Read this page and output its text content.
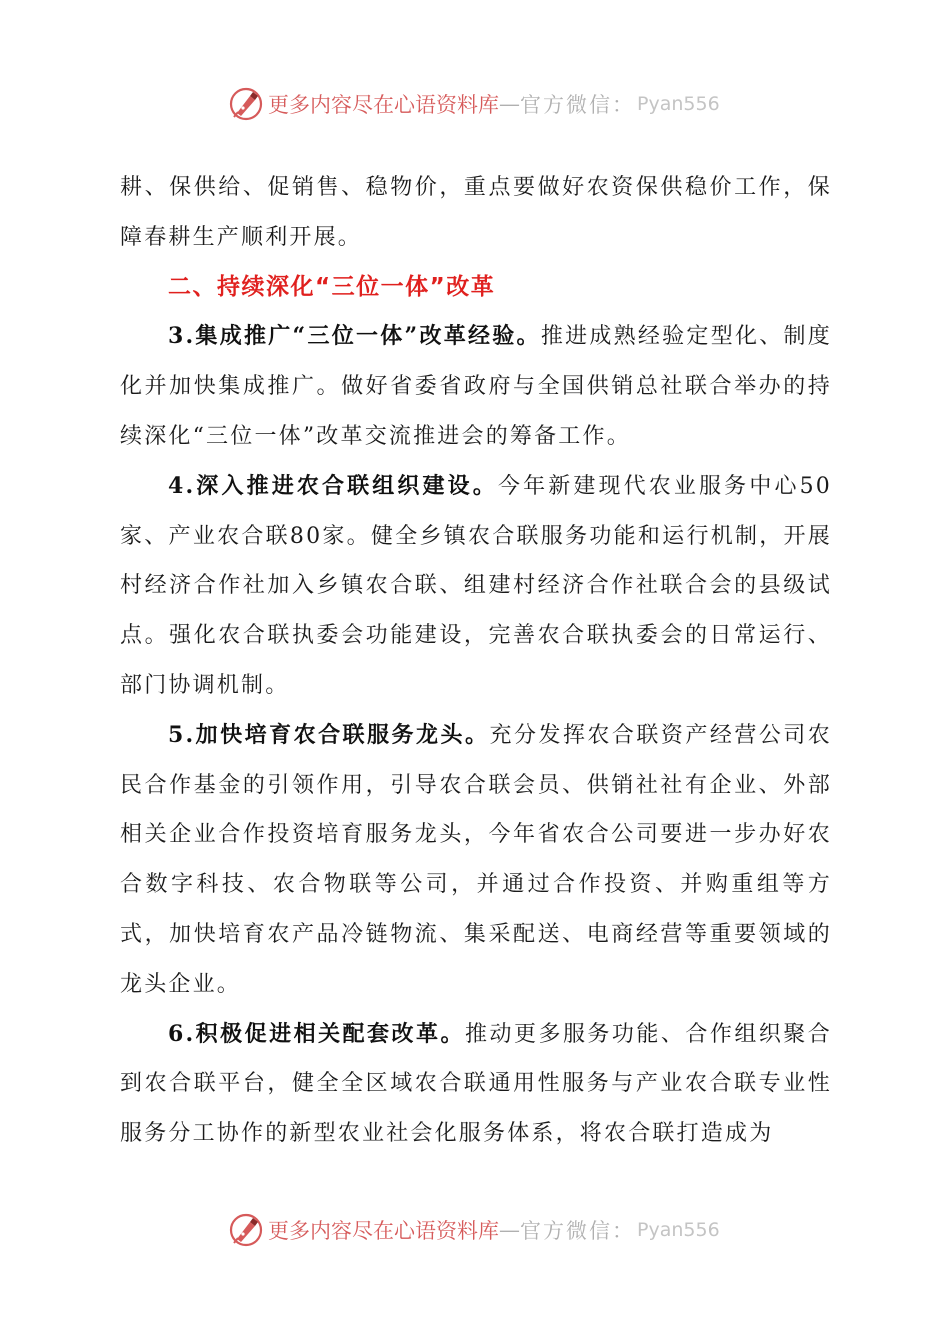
更多内容尽在心语资料库 — 官方微信： Pyan556

耕、保供给、促销售、稳物价，重点要做好农资保供稳价工作，保障春耕生产顺利开展。

二、持续深化“三位一体”改革

3.集成推广“三位一体”改革经验。推进成熟经验定型化、制度化并加快集成推广。做好省委省政府与全国供销总社联合举办的持续深化“三位一体”改革交流推进会的筹备工作。

4.深入推进农合联组织建设。今年新建现代农业服务中心50家、产业农合联80家。健全乡镇农合联服务功能和运行机制，开展村经济合作社加入乡镇农合联、组建村经济合作社联合会的县级试点。强化农合联执委会功能建设，完善农合联执委会的日常运行、部门协调机制。

5.加快培育农合联服务龙头。充分发挥农合联资产经营公司农民合作基金的引领作用，引导农合联会员、供销社社有企业、外部相关企业合作投资培育服务龙头，今年省农合公司要进一步办好农合数字科技、农合物联等公司，并通过合作投资、并购重组等方式，加快培育农产品冷链物流、集采配送、电商经营等重要领域的龙头企业。

6.积极促进相关配套改革。推动更多服务功能、合作组织聚合到农合联平台，健全全区域农合联通用性服务与产业农合联专业性服务分工协作的新型农业社会化服务体系，将农合联打造成为

更多内容尽在心语资料库 — 官方微信： Pyan556
